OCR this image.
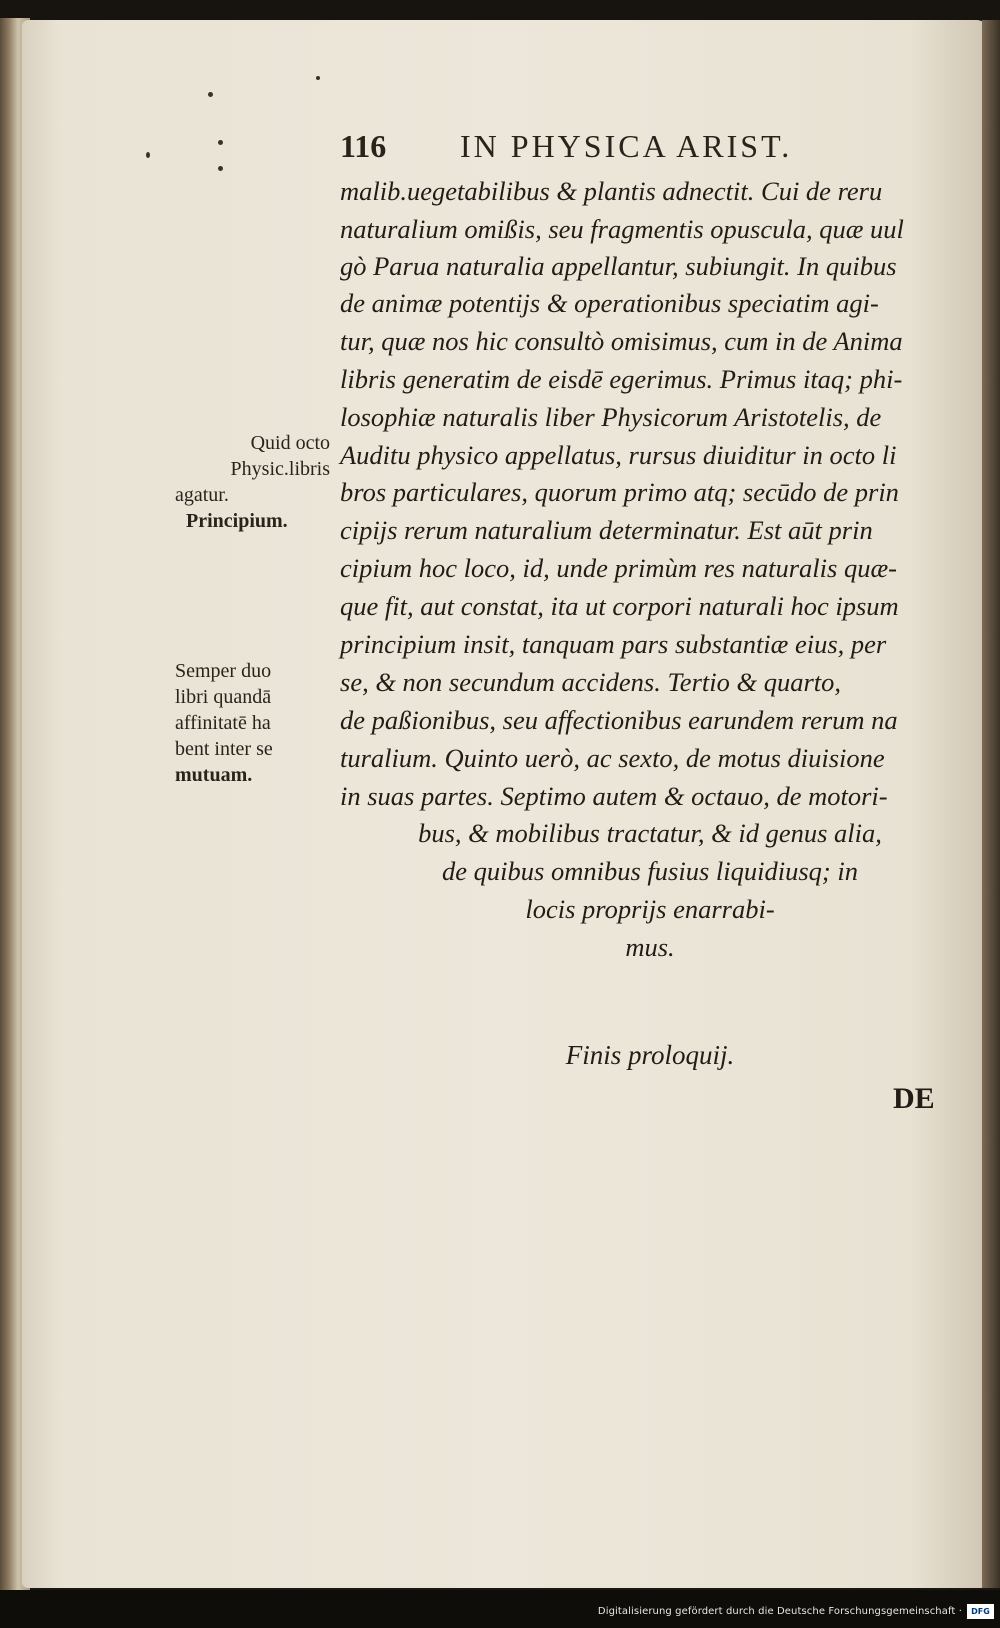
116 IN PHYSICA ARIST.
malib.uegetabilibus & plantis adnectit. Cui de reru
naturalium omißis, seu fragmentis opuscula, quæ uul
gò Parua naturalia appellantur, subiungit. In quibus
de animæ potentijs & operationibus speciatim agi-
tur, quæ nos hic consultò omisimus, cum in de Anima
libris generatim de eisdē egerimus. Primus itaq; phi-
losophiæ naturalis liber Physicorum Aristotelis, de
Auditu physico appellatus, rursus diuiditur in octo li
bros particulares, quorum primo atq; secūdo de prin
cipijs rerum naturalium determinatur. Est aūt prin
cipium hoc loco, id, unde primùm res naturalis quæ-
que fit, aut constat, ita ut corpori naturali hoc ipsum
principium insit, tanquam pars substantiæ eius, per
se, & non secundum accidens. Tertio & quarto,
de paßionibus, seu affectionibus earundem rerum na
turalium. Quinto uerò, ac sexto, de motus diuisione
in suas partes. Septimo autem & octauo, de motori-
bus, & mobilibus tractatur, & id genus alia,
de quibus omnibus fusius liquidiusq; in
locis proprijs enarrabi-
mus.
Finis proloquij.
DE
Quid octo
Physic.libris
agatur.
Principium.
Semper duo
libri quandā
affinitatē ha
bent inter se
mutuam.
Digitalisierung gefördert durch die Deutsche Forschungsgemeinschaft ·	DFG
